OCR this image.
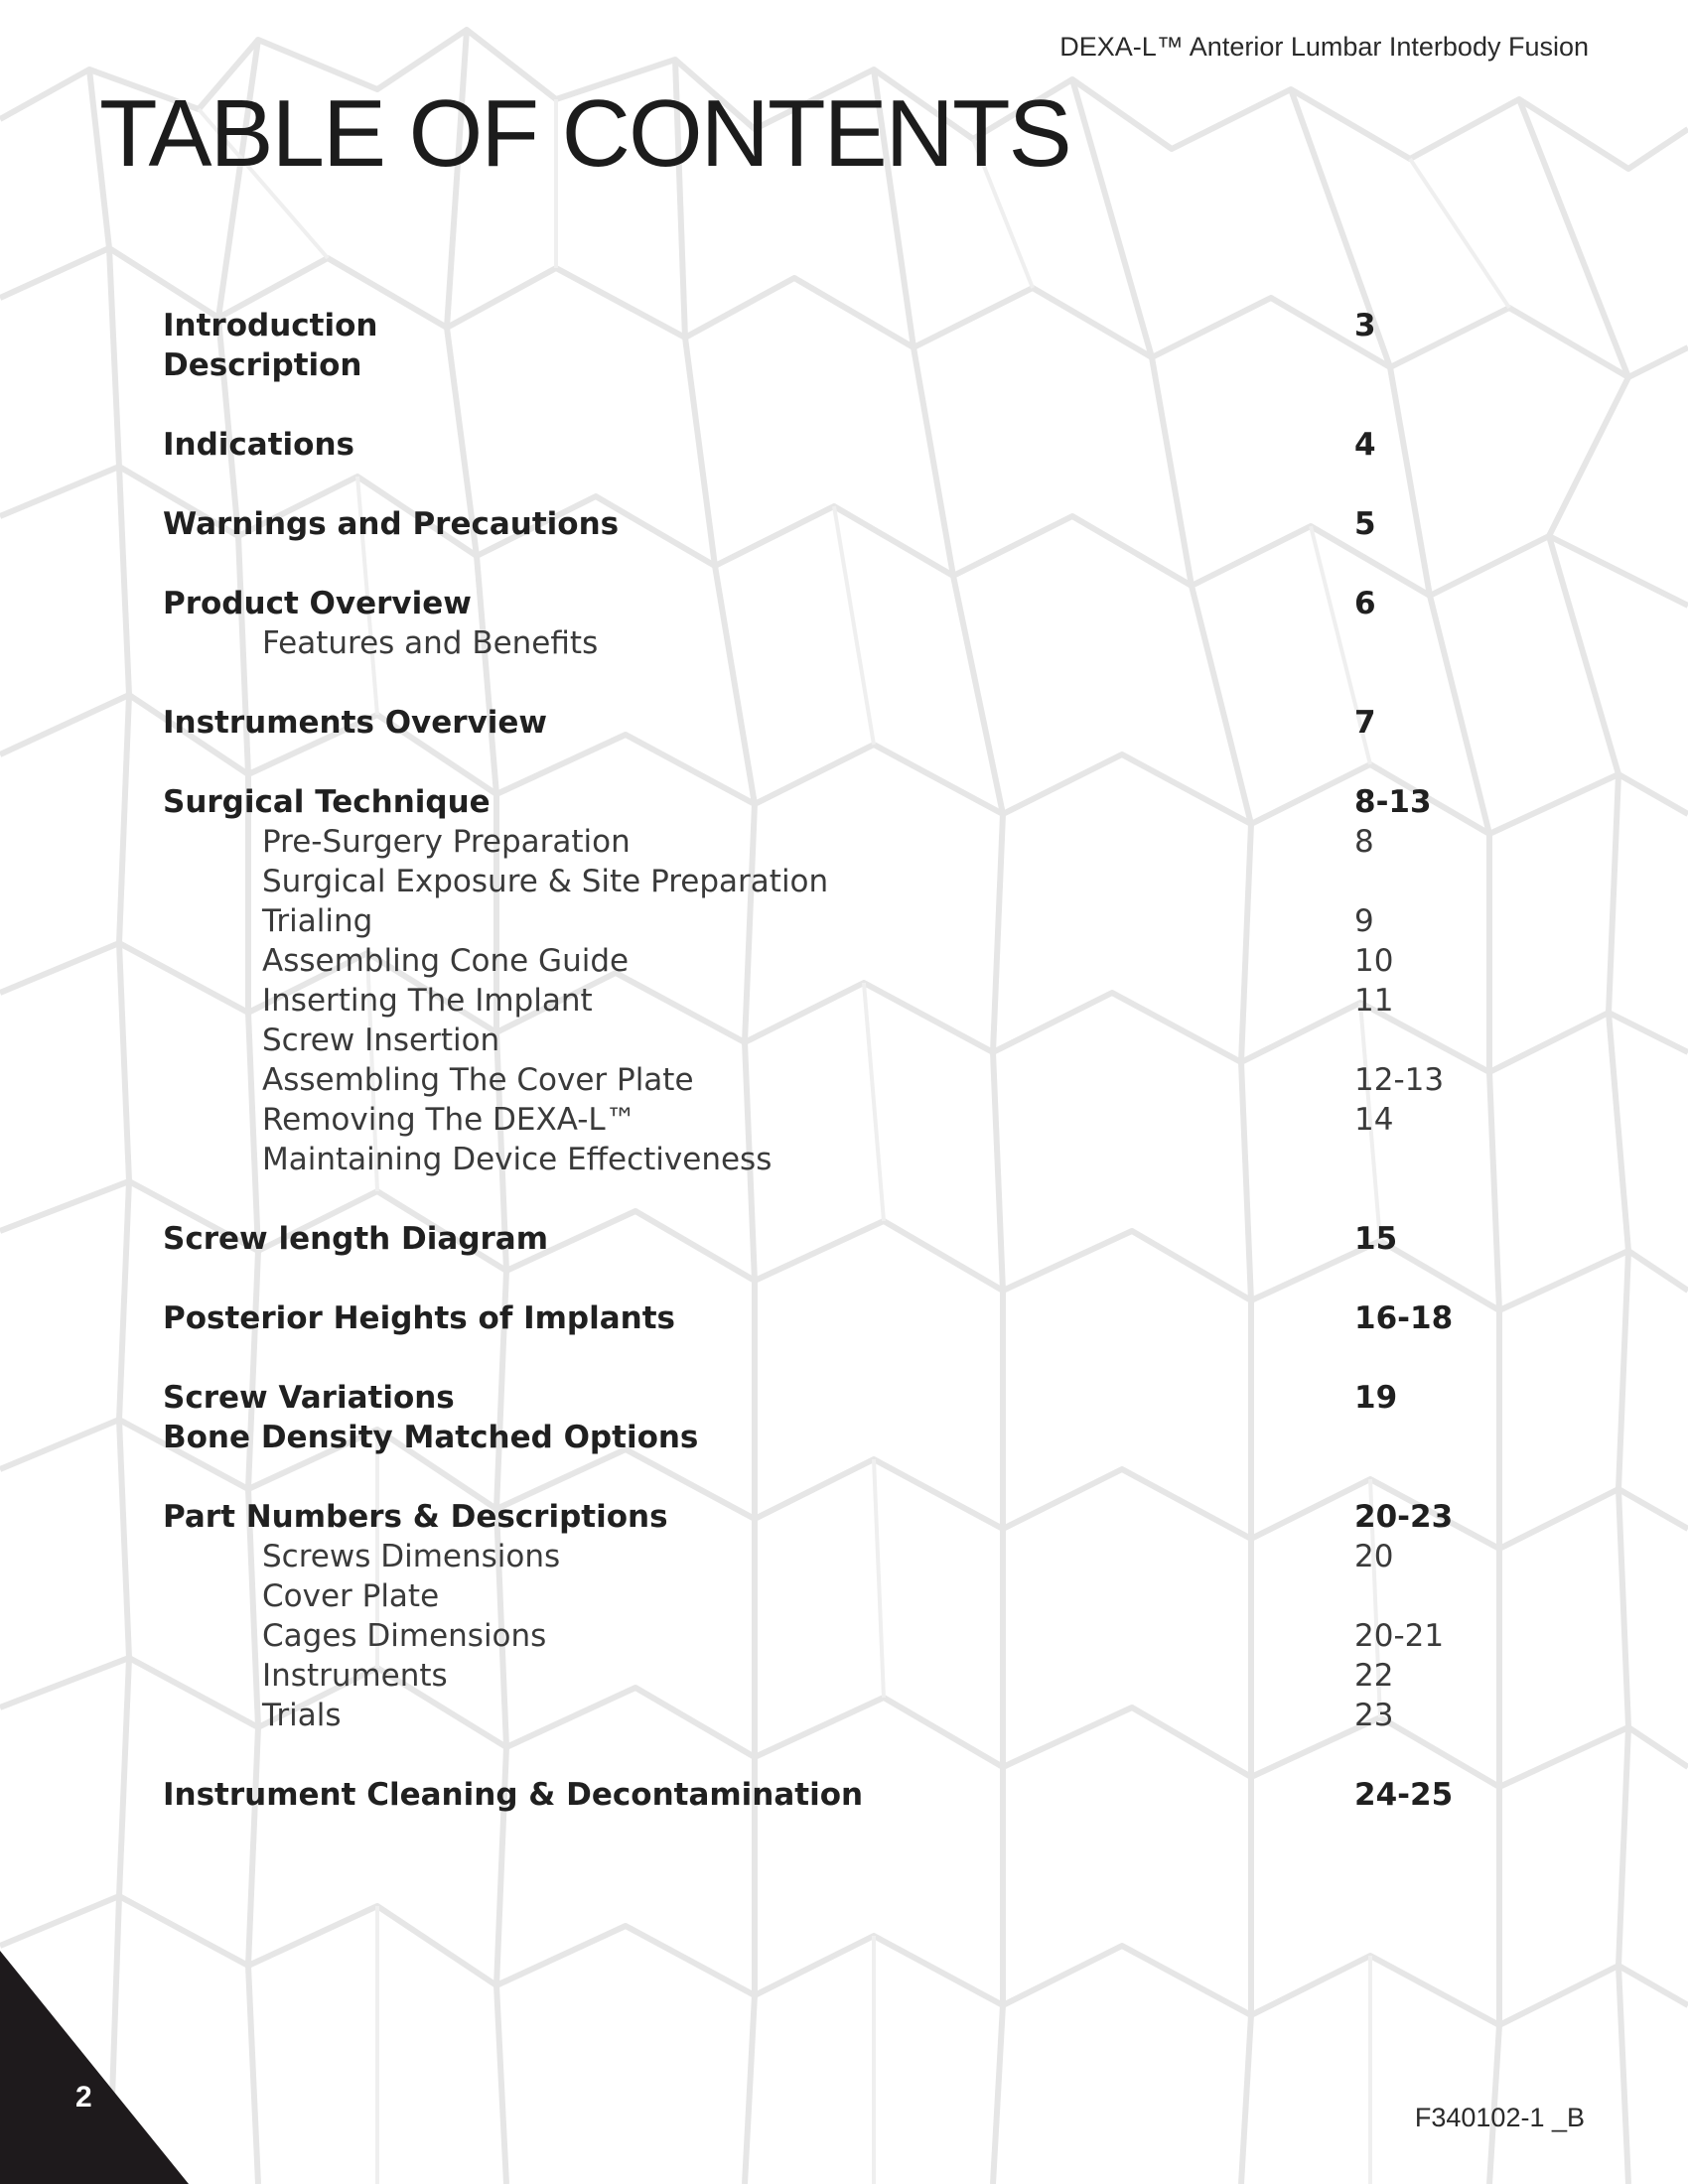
DEXA-L™ Anterior Lumbar Interbody Fusion
TABLE OF CONTENTS
Introduction	3
Description
Indications	4
Warnings and Precautions	5
Product Overview	6
Features and Benefits
Instruments Overview	7
Surgical Technique	8-13
Pre-Surgery Preparation	8
Surgical Exposure & Site Preparation
Trialing	9
Assembling Cone Guide	10
Inserting The Implant	11
Screw Insertion
Assembling The Cover Plate	12-13
Removing The DEXA-L™	14
Maintaining Device Effectiveness
Screw length Diagram	15
Posterior Heights of Implants	16-18
Screw Variations	19
Bone Density Matched Options
Part Numbers & Descriptions	20-23
Screws Dimensions	20
Cover Plate
Cages Dimensions	20-21
Instruments	22
Trials	23
Instrument Cleaning & Decontamination	24-25
2
F340102-1 _B
